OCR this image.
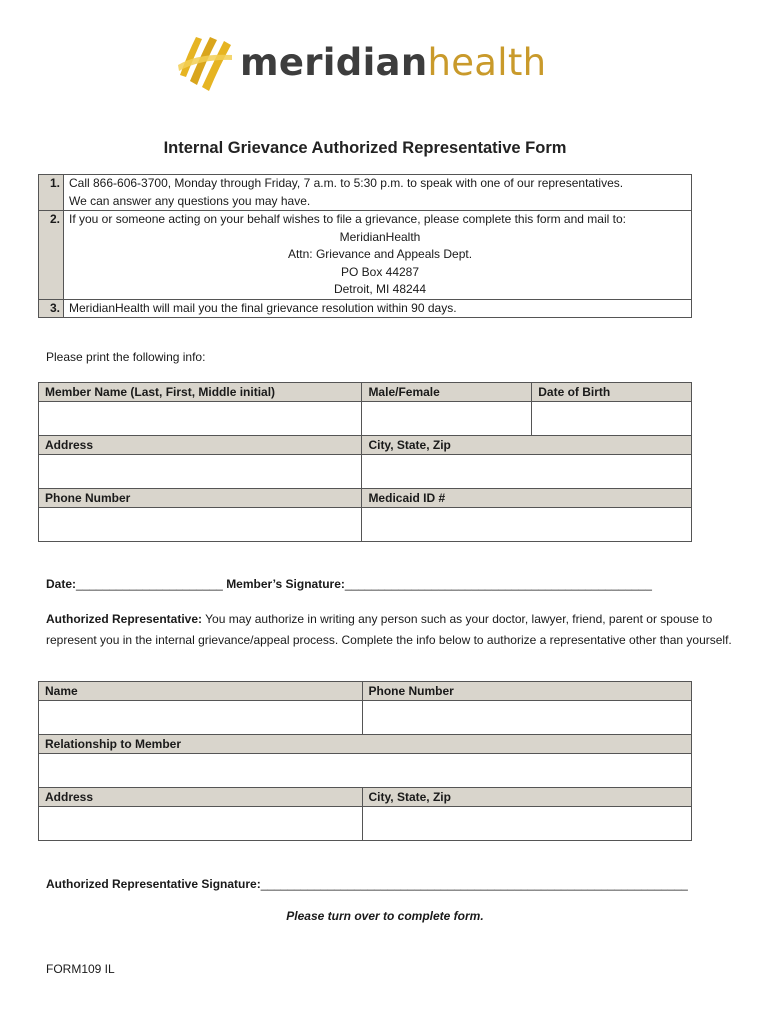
meridianhealth
Internal Grievance Authorized Representative Form
1.	Call 866-606-3700, Monday through Friday, 7 a.m. to 5:30 p.m. to speak with one of our representatives.
We can answer any questions you may have.
2.	If you or someone acting on your behalf wishes to file a grievance, please complete this form and mail to:
MeridianHealth
Attn: Grievance and Appeals Dept.
PO Box 44287
Detroit, MI 48244

3.	MeridianHealth will mail you the final grievance resolution within 90 days.
Please print the following info:
Member Name (Last, First, Middle initial)	Male/Female	Date of Birth

Address	City, State, Zip	

Phone Number	Medicaid ID #	

Date:______________________ Member’s Signature:______________________________________________
Authorized Representative: You may authorize in writing any person such as your doctor, lawyer, friend, parent or spouse to represent you in the internal grievance/appeal process. Complete the info below to authorize a representative other than yourself.
Name	Phone Number

Relationship to Member	

Address	City, State, Zip

Authorized Representative Signature:________________________________________________________________
Please turn over to complete form.
FORM109 IL
